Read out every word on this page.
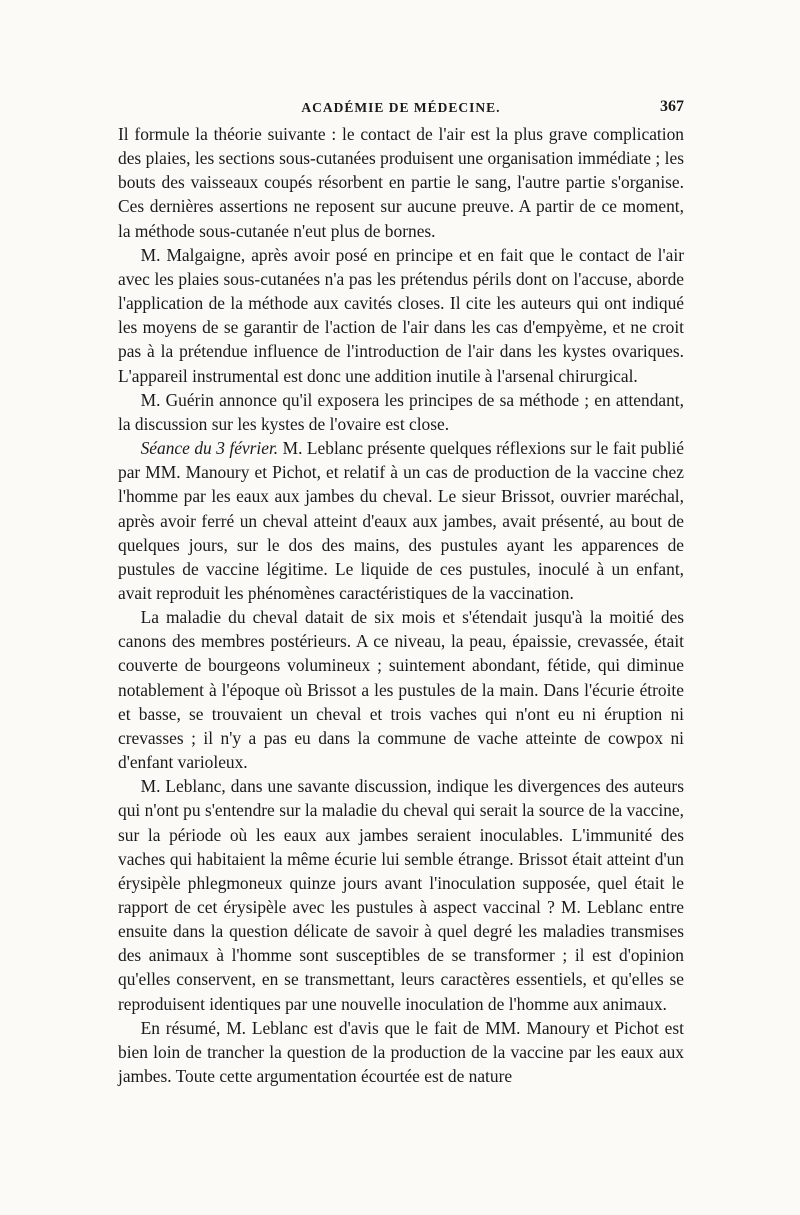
ACADÉMIE DE MÉDECINE.	367

Il formule la théorie suivante : le contact de l'air est la plus grave complication des plaies, les sections sous-cutanées produisent une organisation immédiate ; les bouts des vaisseaux coupés résorbent en partie le sang, l'autre partie s'organise. Ces dernières assertions ne reposent sur aucune preuve. A partir de ce moment, la méthode sous-cutanée n'eut plus de bornes.

M. Malgaigne, après avoir posé en principe et en fait que le contact de l'air avec les plaies sous-cutanées n'a pas les prétendus périls dont on l'accuse, aborde l'application de la méthode aux cavités closes. Il cite les auteurs qui ont indiqué les moyens de se garantir de l'action de l'air dans les cas d'empyème, et ne croit pas à la prétendue influence de l'introduction de l'air dans les kystes ovariques. L'appareil instrumental est donc une addition inutile à l'arsenal chirurgical.

M. Guérin annonce qu'il exposera les principes de sa méthode ; en attendant, la discussion sur les kystes de l'ovaire est close.

Séance du 3 février. M. Leblanc présente quelques réflexions sur le fait publié par MM. Manoury et Pichot, et relatif à un cas de production de la vaccine chez l'homme par les eaux aux jambes du cheval. Le sieur Brissot, ouvrier maréchal, après avoir ferré un cheval atteint d'eaux aux jambes, avait présenté, au bout de quelques jours, sur le dos des mains, des pustules ayant les apparences de pustules de vaccine légitime. Le liquide de ces pustules, inoculé à un enfant, avait reproduit les phénomènes caractéristiques de la vaccination.

La maladie du cheval datait de six mois et s'étendait jusqu'à la moitié des canons des membres postérieurs. A ce niveau, la peau, épaissie, crevassée, était couverte de bourgeons volumineux ; suintement abondant, fétide, qui diminue notablement à l'époque où Brissot a les pustules de la main. Dans l'écurie étroite et basse, se trouvaient un cheval et trois vaches qui n'ont eu ni éruption ni crevasses ; il n'y a pas eu dans la commune de vache atteinte de cowpox ni d'enfant varioleux.

M. Leblanc, dans une savante discussion, indique les divergences des auteurs qui n'ont pu s'entendre sur la maladie du cheval qui serait la source de la vaccine, sur la période où les eaux aux jambes seraient inoculables. L'immunité des vaches qui habitaient la même écurie lui semble étrange. Brissot était atteint d'un érysipèle phlegmoneux quinze jours avant l'inoculation supposée, quel était le rapport de cet érysipèle avec les pustules à aspect vaccinal ? M. Leblanc entre ensuite dans la question délicate de savoir à quel degré les maladies transmises des animaux à l'homme sont susceptibles de se transformer ; il est d'opinion qu'elles conservent, en se transmettant, leurs caractères essentiels, et qu'elles se reproduisent identiques par une nouvelle inoculation de l'homme aux animaux.

En résumé, M. Leblanc est d'avis que le fait de MM. Manoury et Pichot est bien loin de trancher la question de la production de la vaccine par les eaux aux jambes. Toute cette argumentation écourtée est de nature
